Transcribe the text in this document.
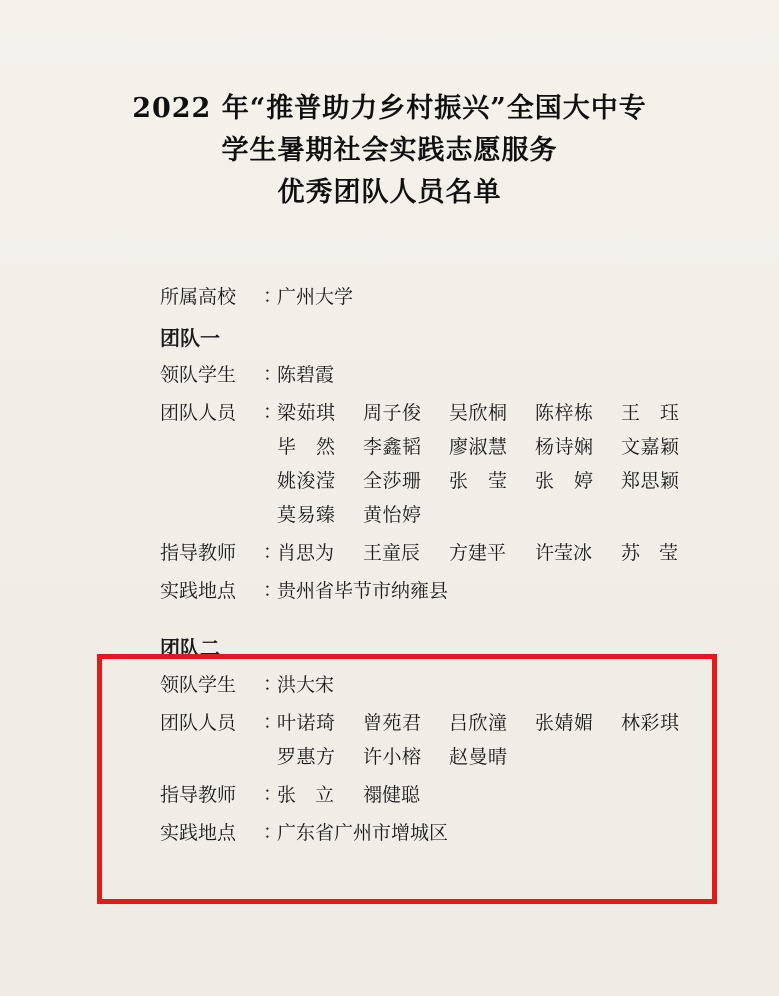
2022 年“推普助力乡村振兴”全国大中专
学生暑期社会实践志愿服务
优秀团队人员名单
所属高校	：
广州大学
团队一
领队学生	：
陈碧霞
团队人员	：
梁茹琪	周子俊	吴欣桐	陈梓栋	王　珏
毕　然	李鑫韬	廖淑慧	杨诗娴	文嘉颖
姚浚滢	全莎珊	张　莹	张　婷	郑思颖
莫易臻	黄怡婷
指导教师	：
肖思为	王童辰	方建平	许莹冰	苏　莹
实践地点	：
贵州省毕节市纳雍县
团队二
领队学生	：
洪大宋
团队人员	：
叶诺琦	曾苑君	吕欣潼	张婧媚	林彩琪
罗惠方	许小榕	赵曼晴
指导教师	：
张　立	禤健聪
实践地点	：
广东省广州市增城区
